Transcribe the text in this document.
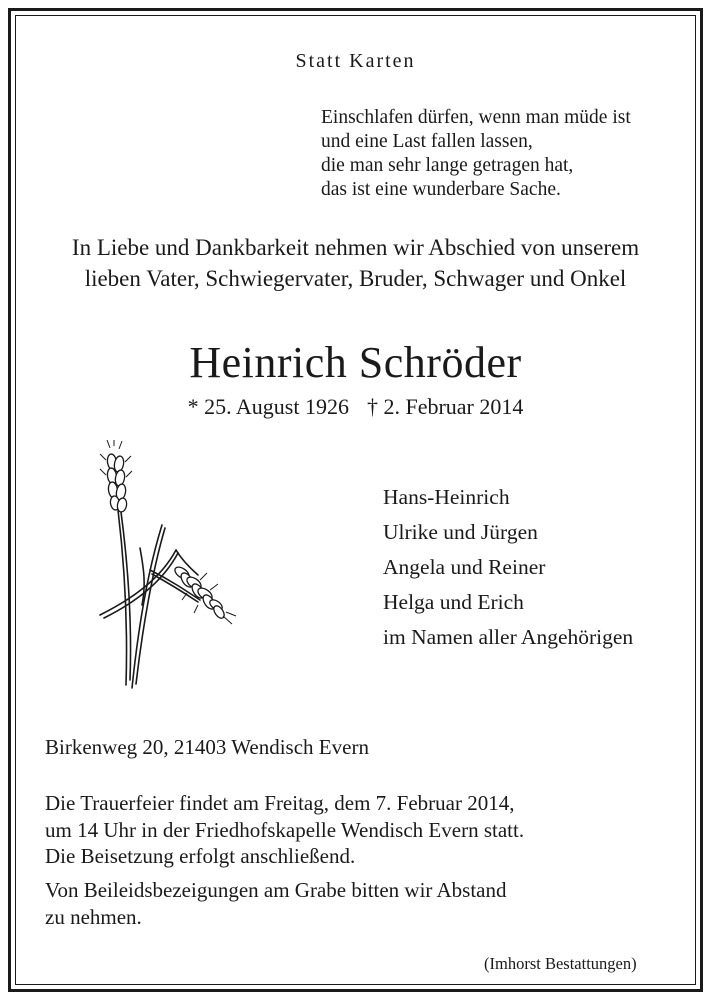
Statt Karten
Einschlafen dürfen, wenn man müde ist
und eine Last fallen lassen,
die man sehr lange getragen hat,
das ist eine wunderbare Sache.
In Liebe und Dankbarkeit nehmen wir Abschied von unserem
lieben Vater, Schwiegervater, Bruder, Schwager und Onkel
Heinrich Schröder
* 25. August 1926 † 2. Februar 2014
Hans-Heinrich
Ulrike und Jürgen
Angela und Reiner
Helga und Erich
im Namen aller Angehörigen
Birkenweg 20, 21403 Wendisch Evern
Die Trauerfeier findet am Freitag, dem 7. Februar 2014,
um 14 Uhr in der Friedhofskapelle Wendisch Evern statt.
Die Beisetzung erfolgt anschließend.
Von Beileidsbezeigungen am Grabe bitten wir Abstand
zu nehmen.
(Imhorst Bestattungen)
